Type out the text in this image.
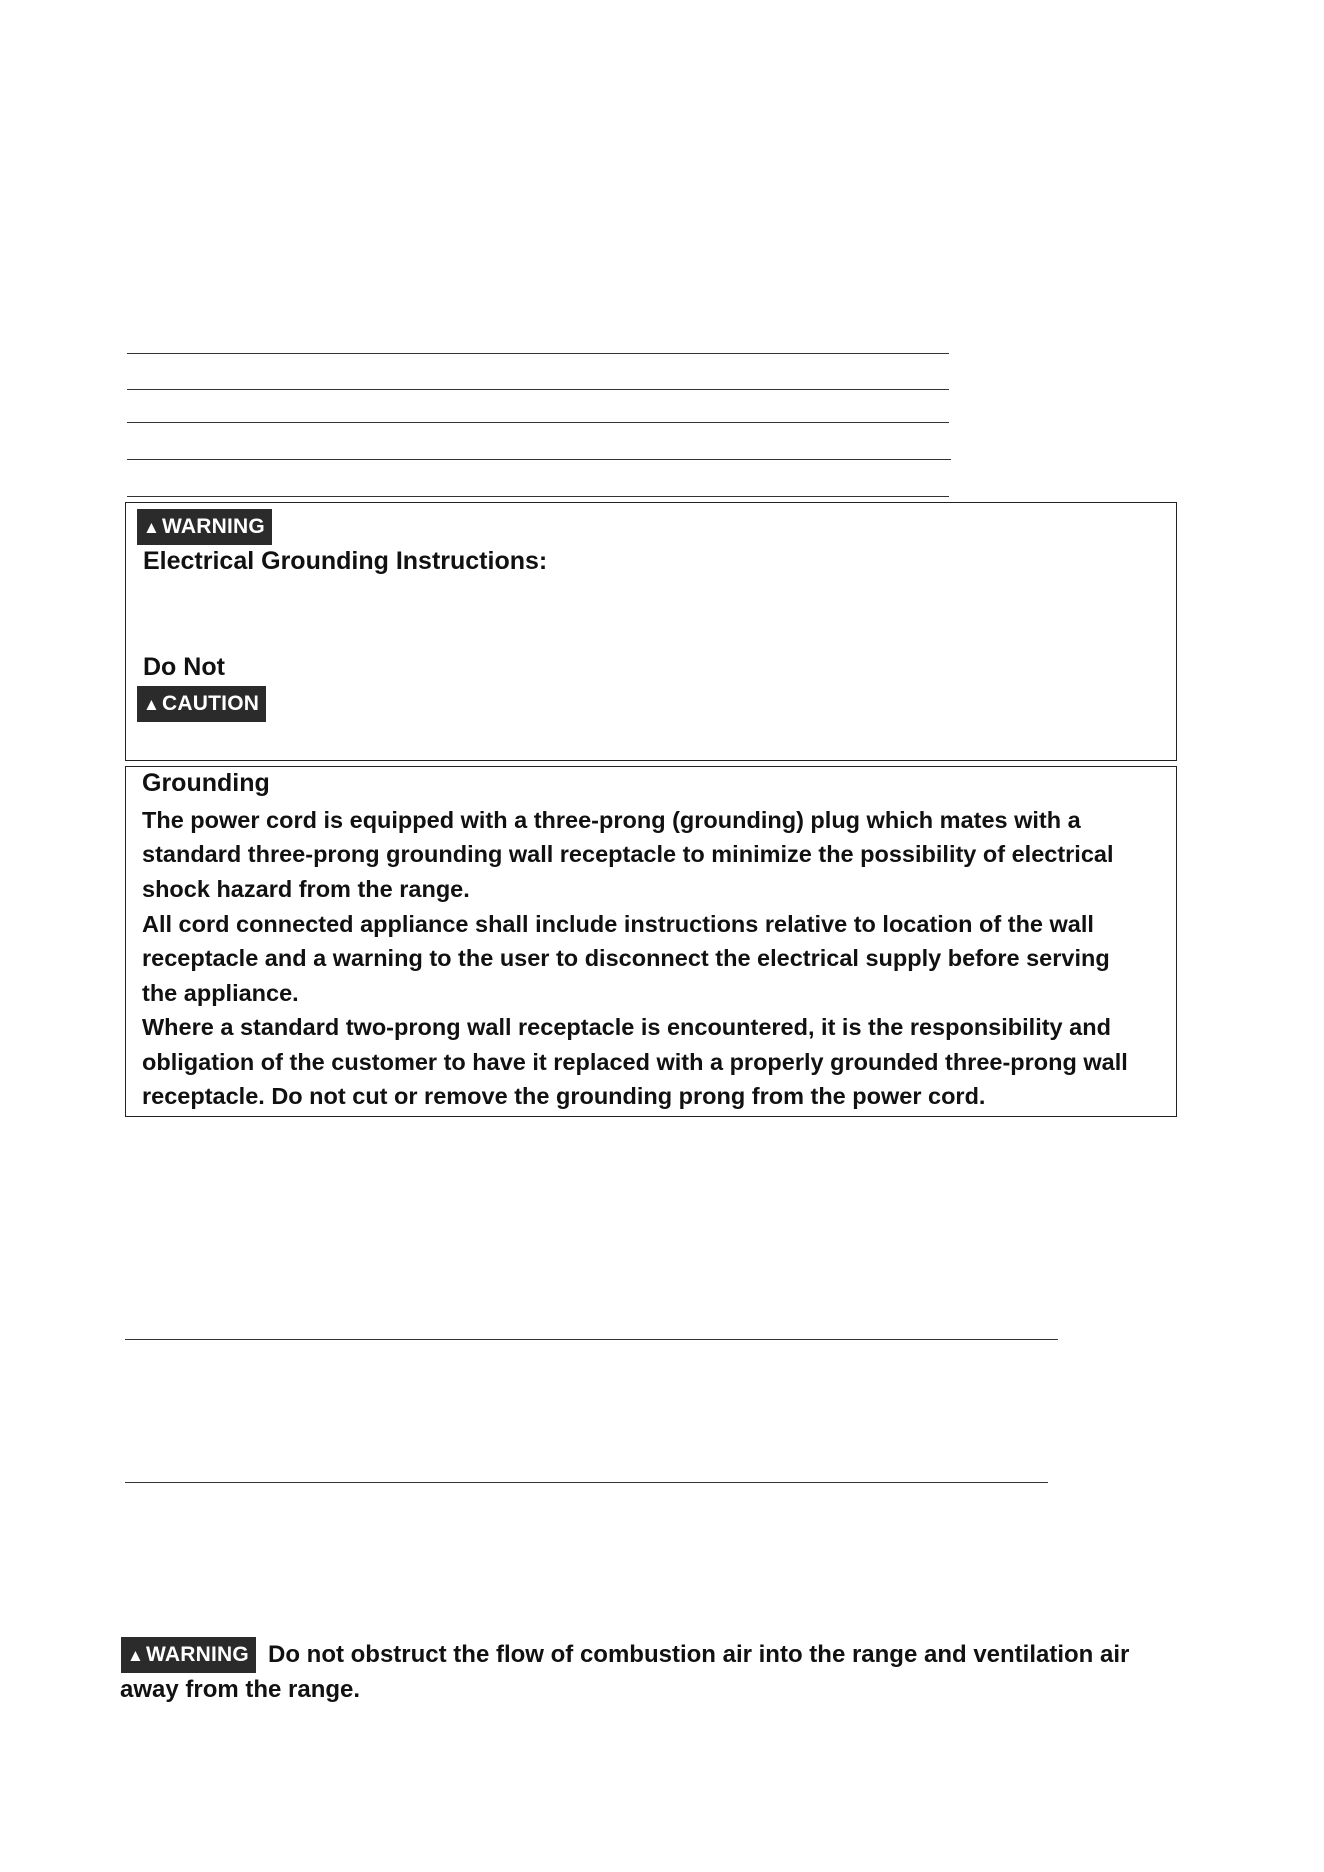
▲WARNING
Electrical Grounding Instructions:
Do Not
▲CAUTION
Grounding
The power cord is equipped with a three-prong (grounding) plug which mates with a
standard three-prong grounding wall receptacle to minimize the possibility of electrical
shock hazard from the range.
All cord connected appliance shall include instructions relative to location of the wall
receptacle and a warning to the user to disconnect the electrical supply before serving
the appliance.
Where a standard two-prong wall receptacle is encountered, it is the responsibility and
obligation of the customer to have it replaced with a properly grounded three-prong wall
receptacle. Do not cut or remove the grounding prong from the power cord.
▲WARNING Do not obstruct the flow of combustion air into the range and ventilation air
away from the range.
